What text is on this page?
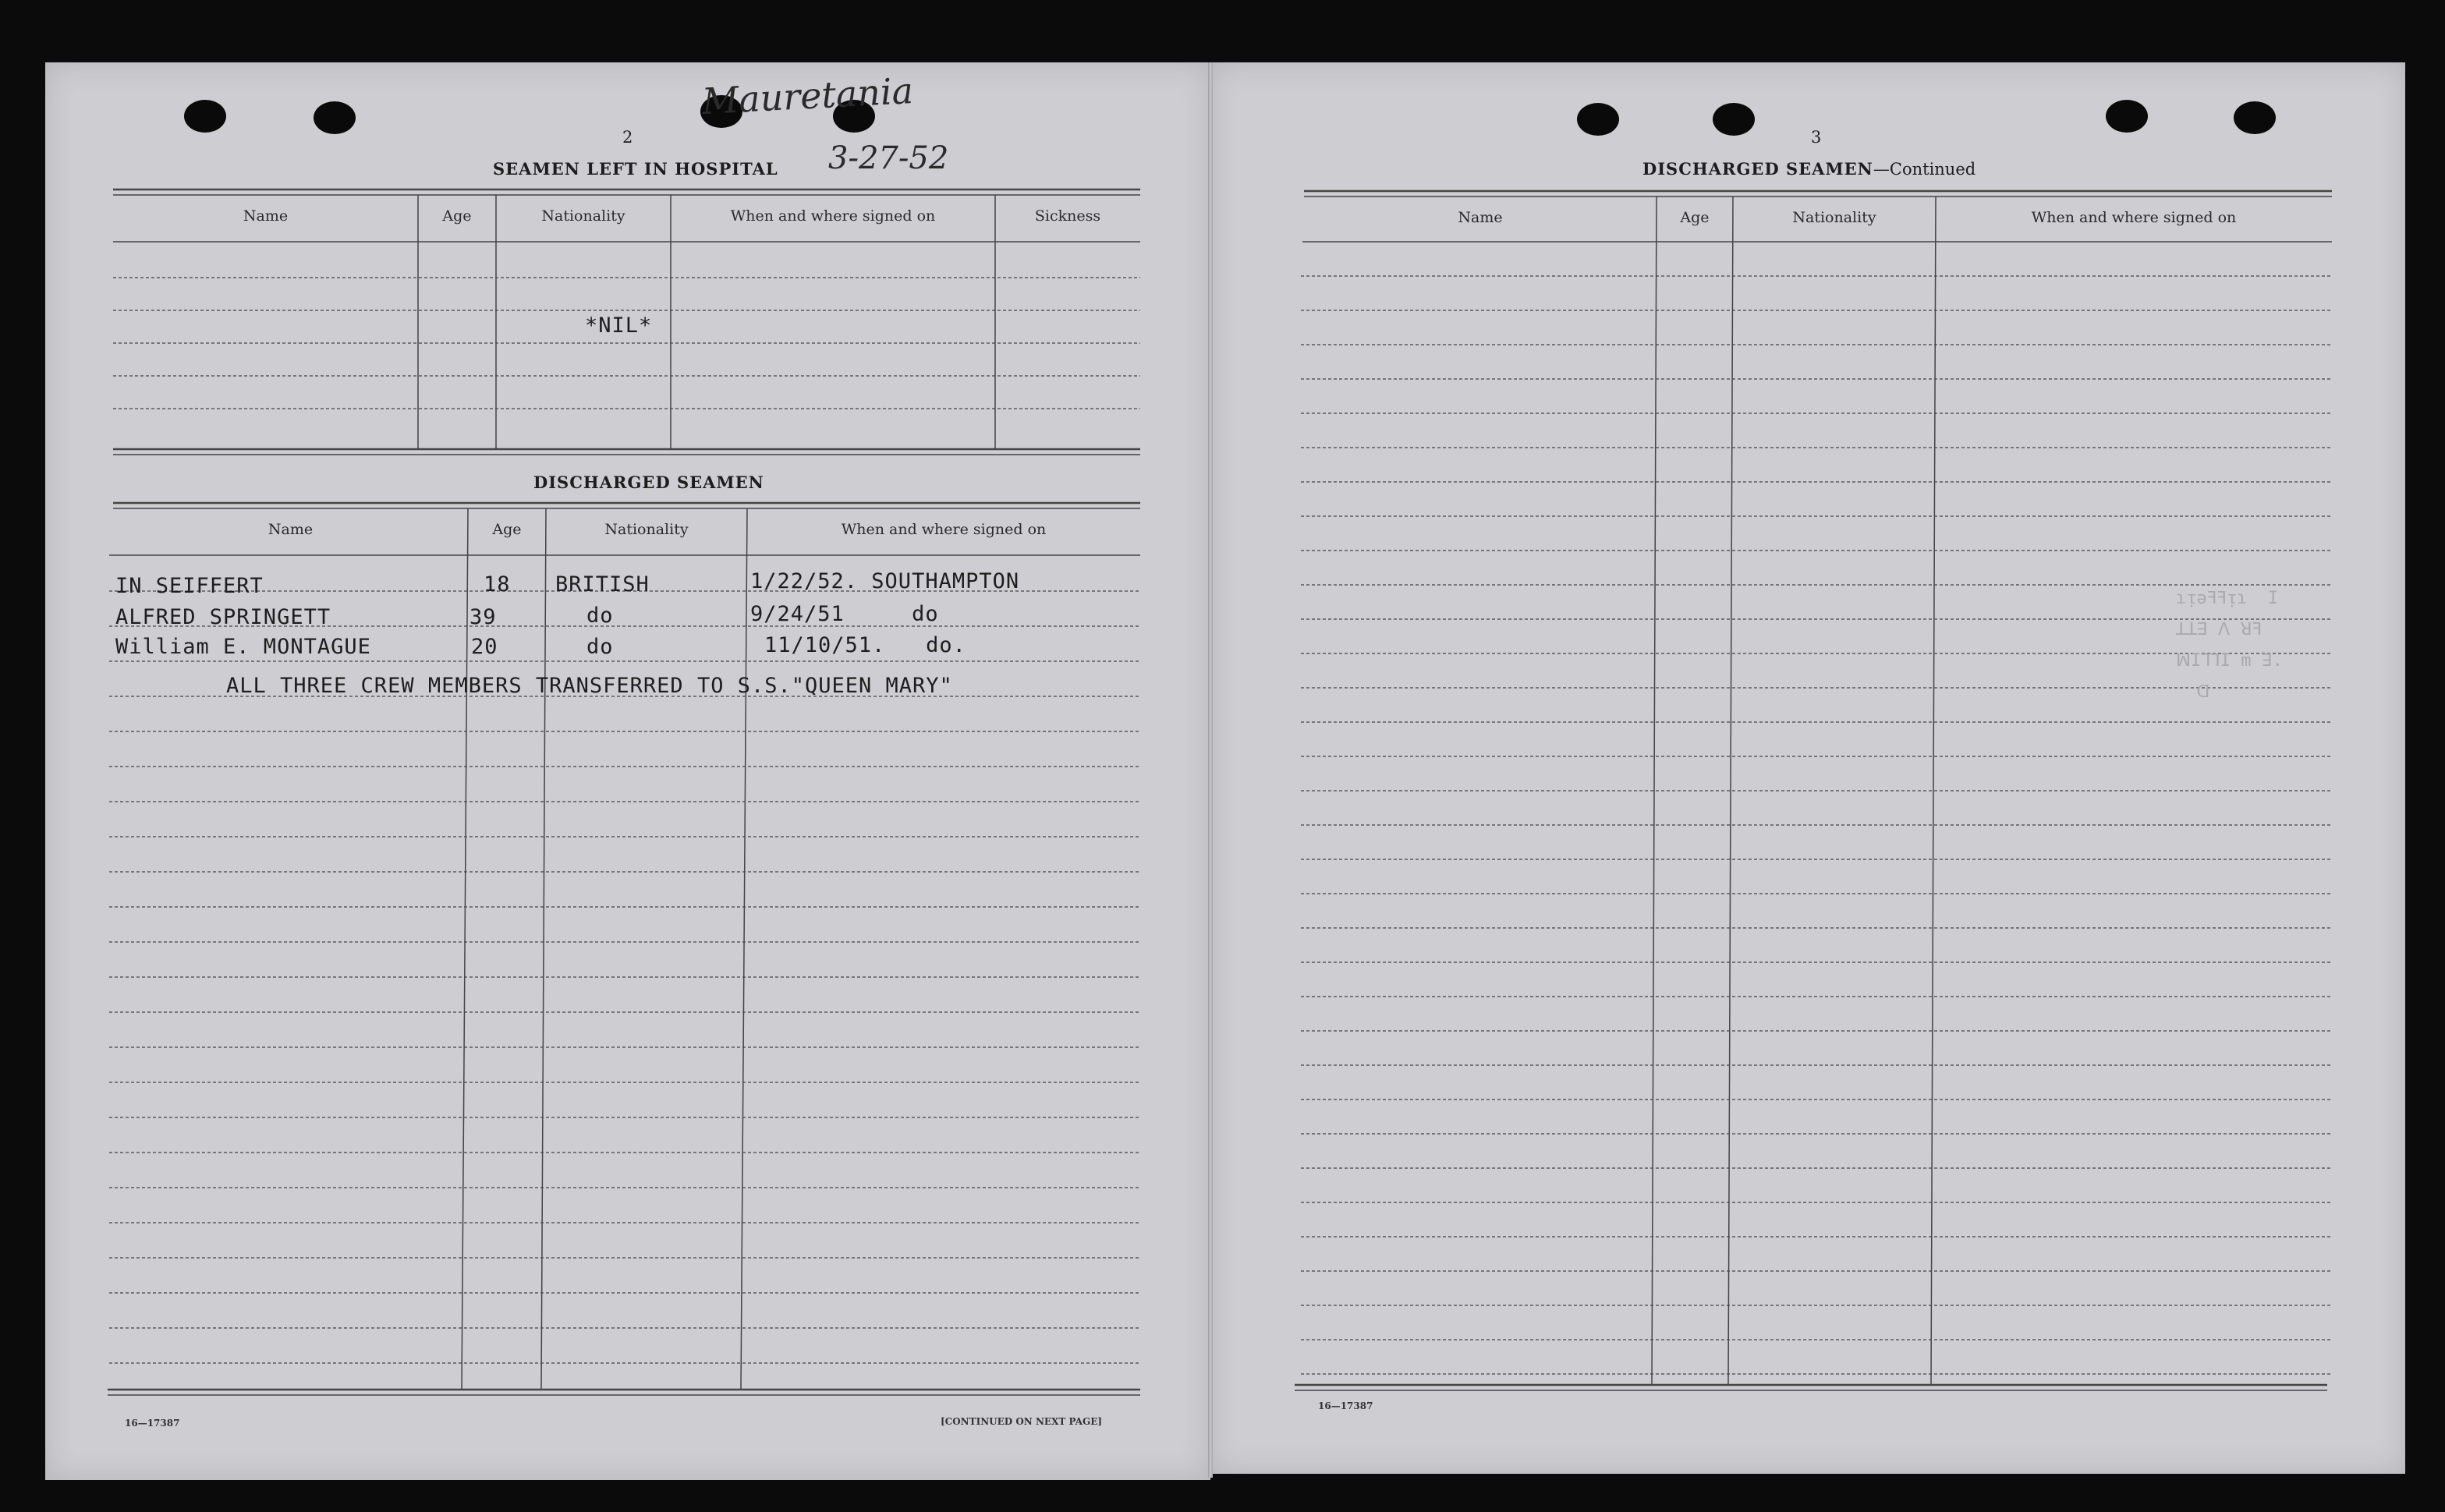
2
Mauretania
3-27-52
SEAMEN LEFT IN HOSPITAL
Name	Age	Nationality	When and where signed on	Sickness
*NIL*
DISCHARGED SEAMEN
Name	Age	Nationality	When and where signed on
IN SEIFFERT	18 BRITISH	1/22/52. SOUTHAMPTON
ALFRED SPRINGETT	39	do	9/24/51     do
William E. MONTAGUE	20	do	11/10/51.   do.
ALL THREE CREW MEMBERS TRANSFERRED TO S.S."QUEEN MARY"
16—17387	[CONTINUED ON NEXT PAGE]
3
DISCHARGED SEAMEN—Continued
Name	Age	Nationality	When and where signed on
16—17387
ɿᴉǝꟻꟻᴉɿ  I
ꓕꓕꓱ ꓥ ꓤꟻ
ꟽIꞀꞀI m ꓱ.
ꓷ
